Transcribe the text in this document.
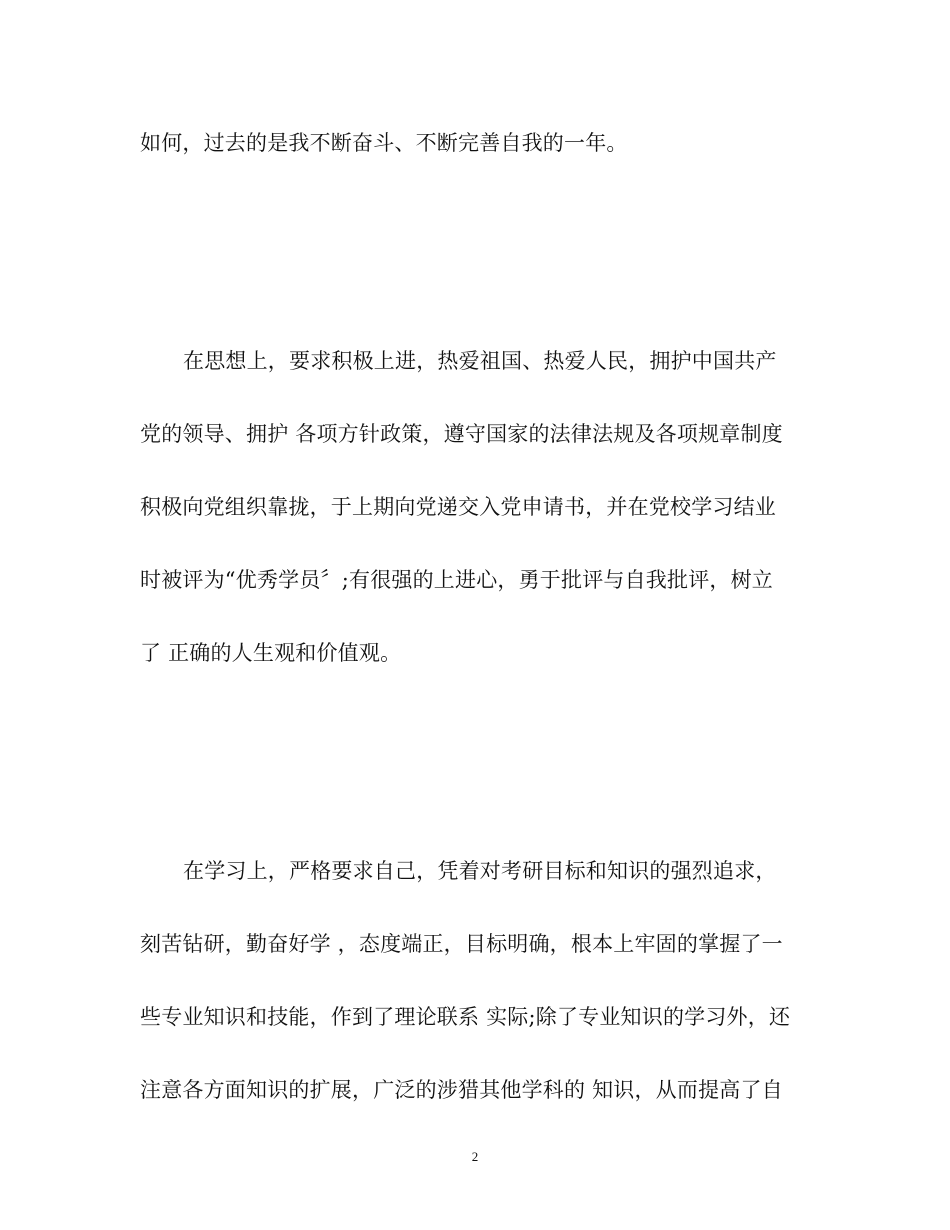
如何，过去的是我不断奋斗、不断完善自我的一年。
在思想上，要求积极上进，热爱祖国、热爱人民，拥护中国共产
党的领导、拥护 各项方针政策，遵守国家的法律法规及各项规章制度
积极向党组织靠拢，于上期向党递交入党申请书，并在党校学习结业
时被评为“优秀学员〞;有很强的上进心，勇于批评与自我批评，树立
了 正确的人生观和价值观。
在学习上，严格要求自己，凭着对考研目标和知识的强烈追求，
刻苦钻研，勤奋好学 ，态度端正，目标明确，根本上牢固的掌握了一
些专业知识和技能，作到了理论联系 实际;除了专业知识的学习外，还
注意各方面知识的扩展，广泛的涉猎其他学科的 知识，从而提高了自
2
